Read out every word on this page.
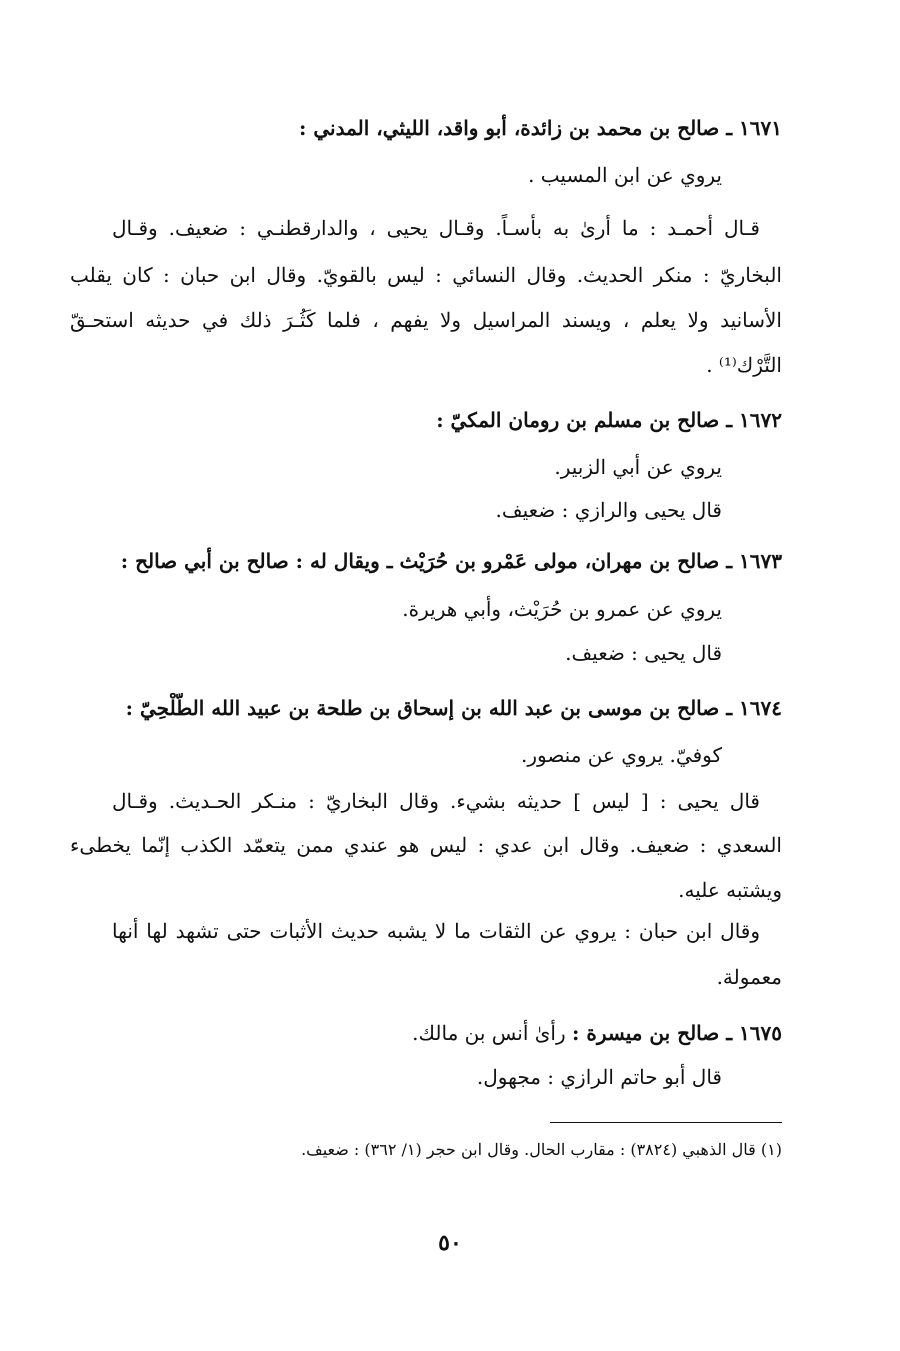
١٦٧١ ـ صالح بن محمد بن زائدة، أبو واقد، الليثي، المدني :
يروي عن ابن المسيب .
قـال أحمـد : ما أرىٰ به بأسـاً. وقـال يحيى ، والدارقطنـي : ضعيف. وقـال
البخاريّ : منكر الحديث. وقال النسائي : ليس بالقويّ. وقال ابن حبان : كان يقلب
الأسانيد ولا يعلم ، ويسند المراسيل ولا يفهم ، فلما كَثُـرَ ذلك في حديثه استحـقّ
التَّرْك⁽¹⁾ .
١٦٧٢ ـ صالح بن مسلم بن رومان المكيّ :
يروي عن أبي الزبير.
قال يحيى والرازي : ضعيف.
١٦٧٣ ـ صالح بن مهران، مولى عَمْرو بن حُرَيْث ـ ويقال له : صالح بن أبي صالح :
يروي عن عمرو بن حُرَيْث، وأبي هريرة.
قال يحيى : ضعيف.
١٦٧٤ ـ صالح بن موسى بن عبد الله بن إسحاق بن طلحة بن عبيد الله الطَّلْحِيّ :
كوفيّ. يروي عن منصور.
قال يحيى : [ ليس ] حديثه بشيء. وقال البخاريّ : منـكر الحـديث. وقـال
السعدي : ضعيف. وقال ابن عدي : ليس هو عندي ممن يتعمّد الكذب إنّما يخطىء
ويشتبه عليه.
وقال ابن حبان : يروي عن الثقات ما لا يشبه حديث الأثبات حتى تشهد لها أنها
معمولة.
١٦٧٥ ـ صالح بن ميسرة : رأىٰ أنس بن مالك.
قال أبو حاتم الرازي : مجهول.
(١) قال الذهبي (٣٨٢٤) : مقارب الحال. وقال ابن حجر (١/ ٣٦٢) : ضعيف.
٥٠
